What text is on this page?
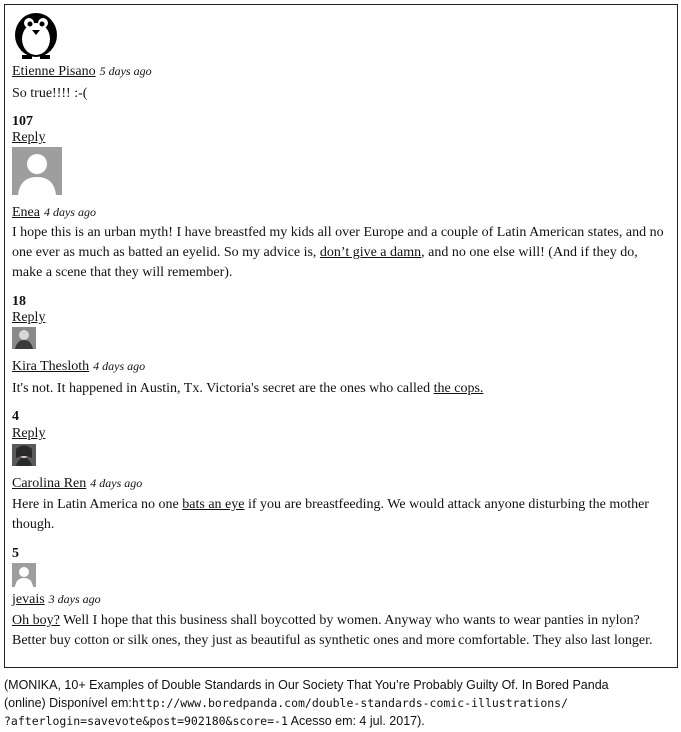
Etienne Pisano 5 days ago
So true!!!! :-(
107
Reply
Enea 4 days ago
I hope this is an urban myth! I have breastfed my kids all over Europe and a couple of Latin American states, and no one ever as much as batted an eyelid. So my advice is, don’t give a damn, and no one else will! (And if they do, make a scene that they will remember).
18
Reply
Kira Thesloth 4 days ago
It's not. It happened in Austin, Tx. Victoria's secret are the ones who called the cops.
4
Reply
Carolina Ren 4 days ago
Here in Latin America no one bats an eye if you are breastfeeding. We would attack anyone disturbing the mother though.
5
jevais 3 days ago
Oh boy? Well I hope that this business shall boycotted by women. Anyway who wants to wear panties in nylon? Better buy cotton or silk ones, they just as beautiful as synthetic ones and more comfortable. They also last longer.
(MONIKA, 10+ Examples of Double Standards in Our Society That You’re Probably Guilty Of. In Bored Panda
(online) Disponível em:http://www.boredpanda.com/double-standards-comic-illustrations/
?afterlogin=savevote&post=902180&score=-1 Acesso em: 4 jul. 2017).
